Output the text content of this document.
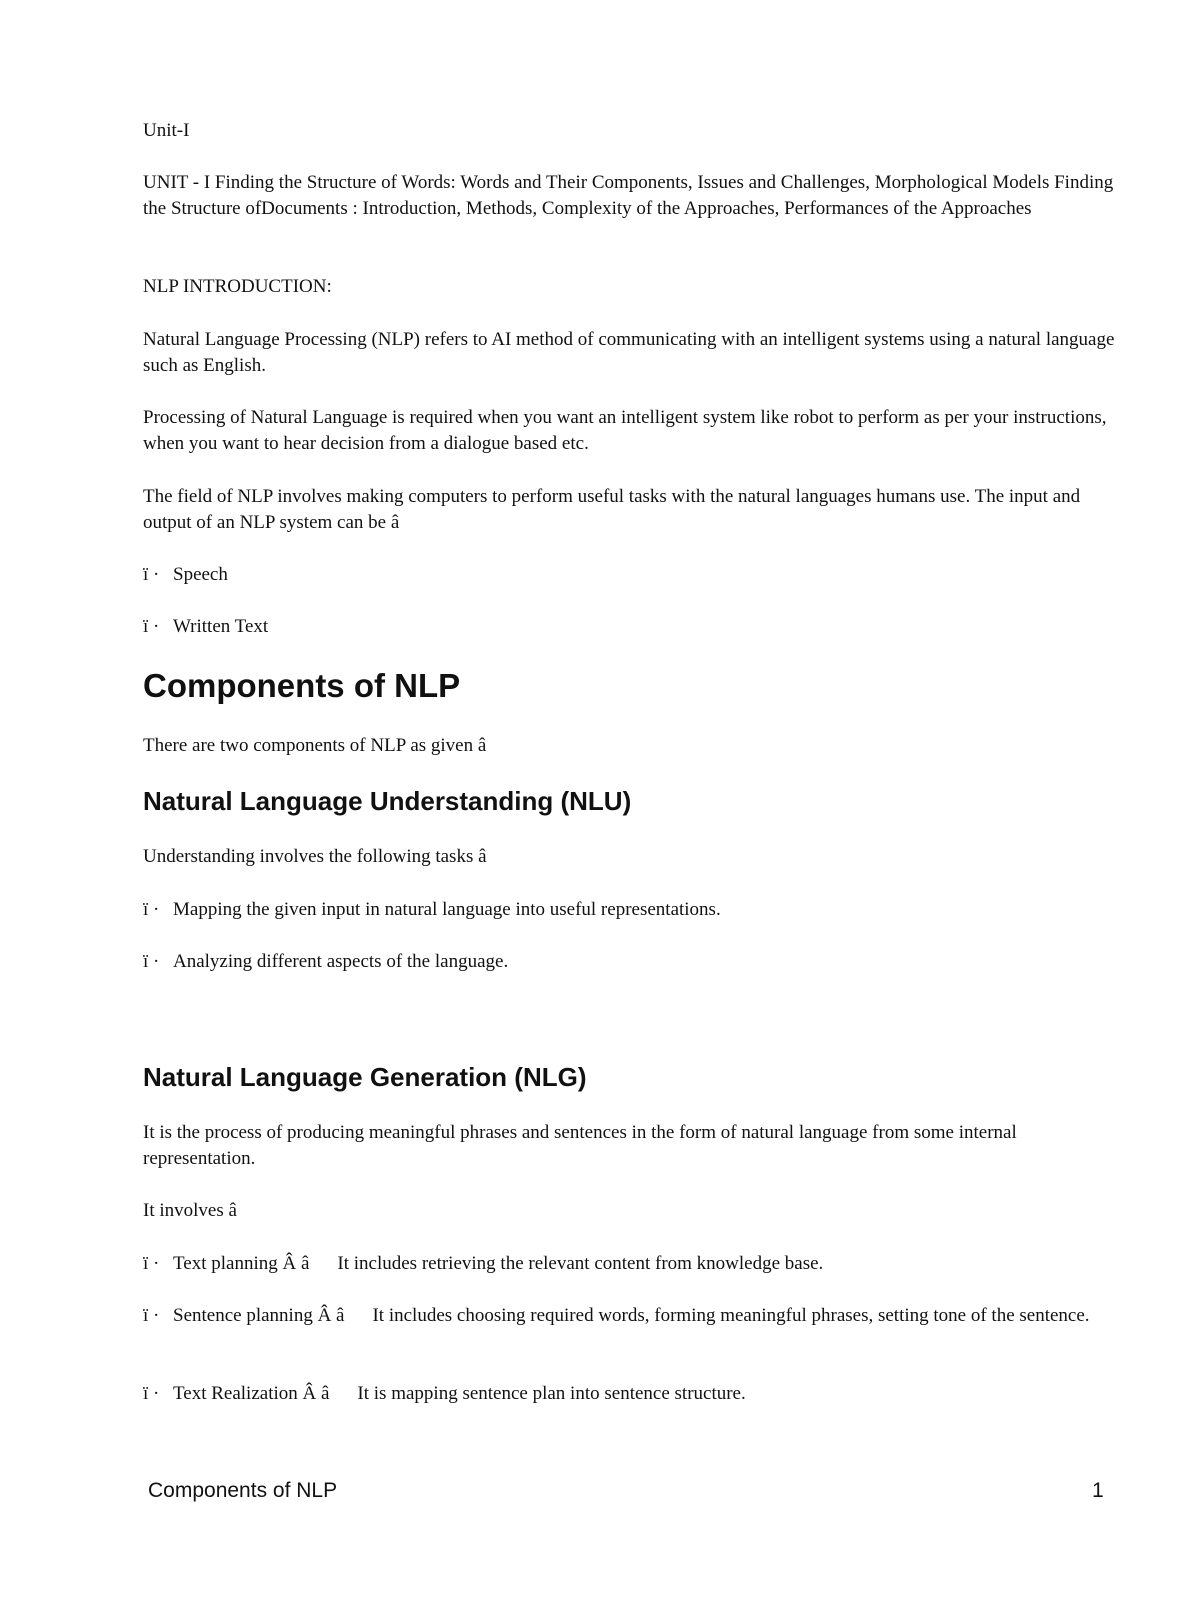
Unit-I

UNIT - I Finding the Structure of Words: Words and Their Components, Issues and Challenges, Morphological Models Finding the Structure ofDocuments : Introduction, Methods, Complexity of the Approaches, Performances of the Approaches

NLP INTRODUCTION:

Natural Language Processing (NLP) refers to AI method of communicating with an intelligent systems using a natural language such as English.

Processing of Natural Language is required when you want an intelligent system like robot to perform as per your instructions, when you want to hear decision from a dialogue based etc.

The field of NLP involves making computers to perform useful tasks with the natural languages humans use. The input and output of an NLP system can be â

ï · Speech

ï · Written Text

Components of NLP

There are two components of NLP as given â

Natural Language Understanding (NLU)

Understanding involves the following tasks â

ï · Mapping the given input in natural language into useful representations.

ï · Analyzing different aspects of the language.

Natural Language Generation (NLG)

It is the process of producing meaningful phrases and sentences in the form of natural language from some internal representation.

It involves â

ï · Text planning Â â It includes retrieving the relevant content from knowledge base.

ï · Sentence planning Â â It includes choosing required words, forming meaningful phrases, setting tone of the sentence.

ï · Text Realization Â â It is mapping sentence plan into sentence structure.

Components of NLP	1
